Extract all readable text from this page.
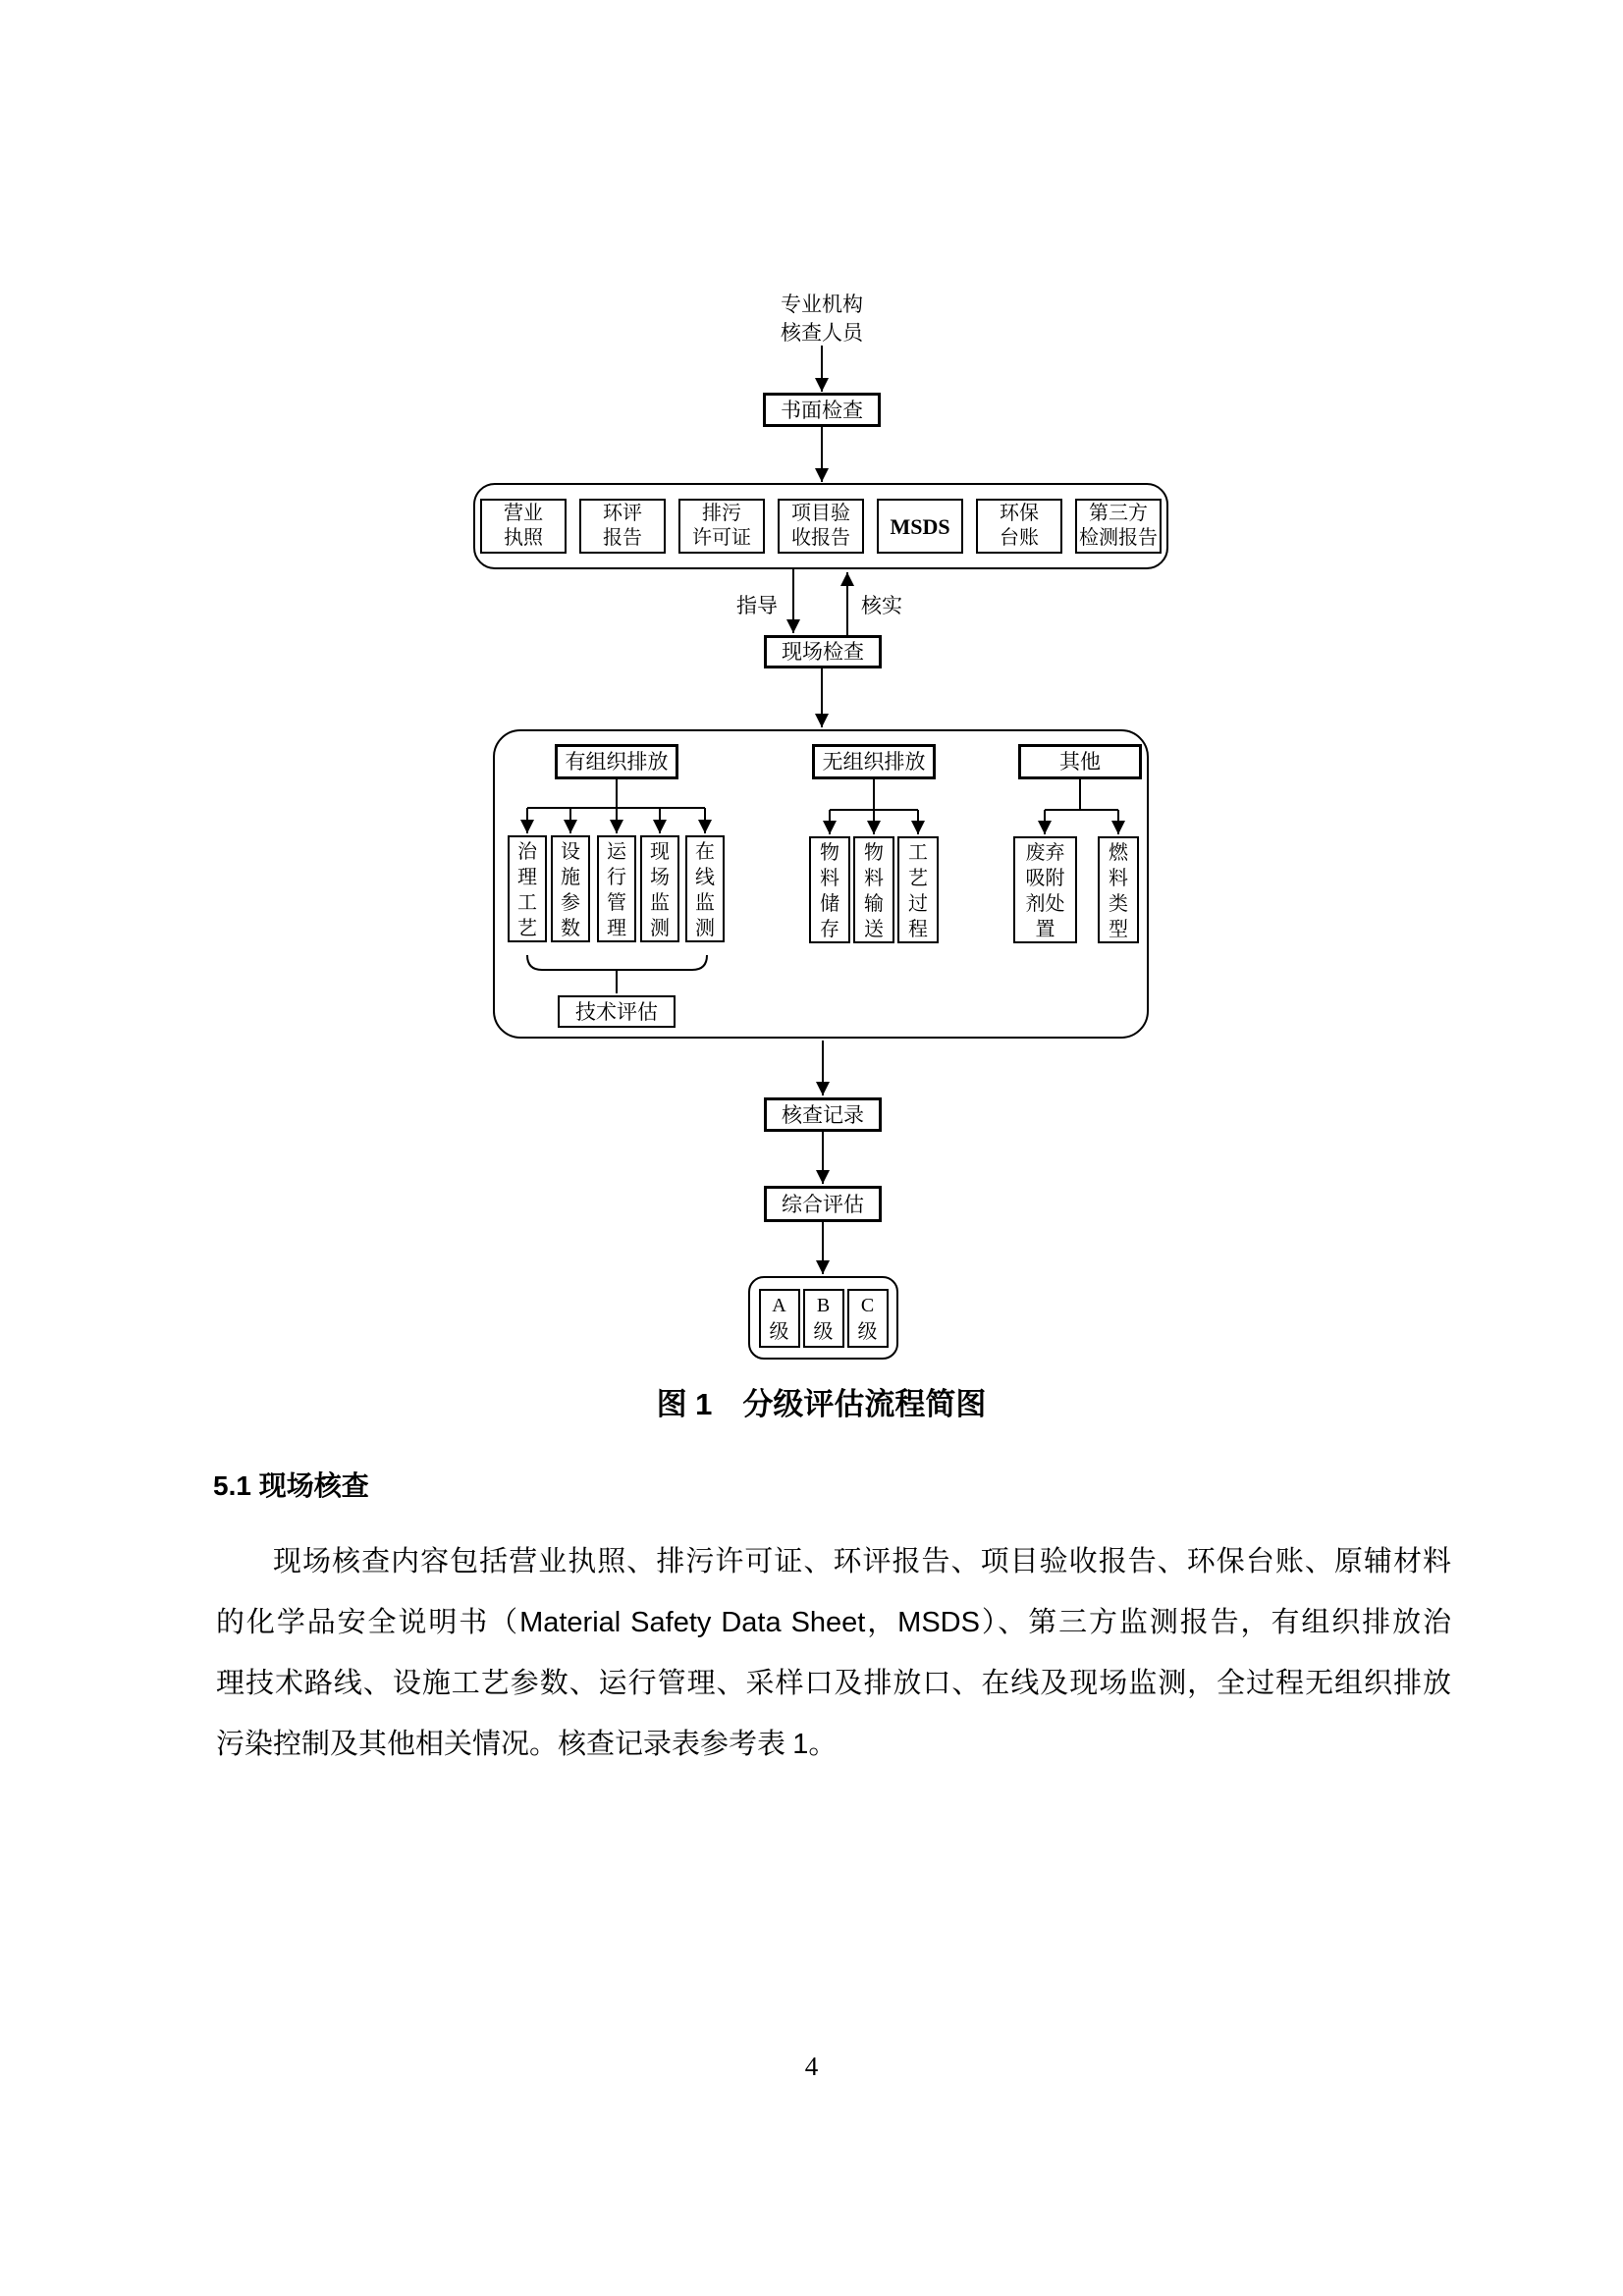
专业机构
核查人员
书面检查
营业
执照
环评
报告
排污
许可证
项目验
收报告 MSDS
环保
台账
第三方
检测报告
指导	核实
现场检查
有组织排放	无组织排放	其他
治理工艺
设施参数
运行管理
现场监测
在线监测
物料储存
物料输送
工艺过程
废弃吸附剂处置
燃料类型
技术评估
核查记录
综合评估
A
级
B
级
C
级
图 1　分级评估流程简图
5.1 现场核查
现场核查内容包括营业执照、排污许可证、环评报告、项目验收报告、环保台账、原辅材料
的化学品安全说明书（Material Safety Data Sheet，MSDS）、第三方监测报告，有组织排放治
理技术路线、设施工艺参数、运行管理、采样口及排放口、在线及现场监测，全过程无组织排放
污染控制及其他相关情况。核查记录表参考表 1。
4
